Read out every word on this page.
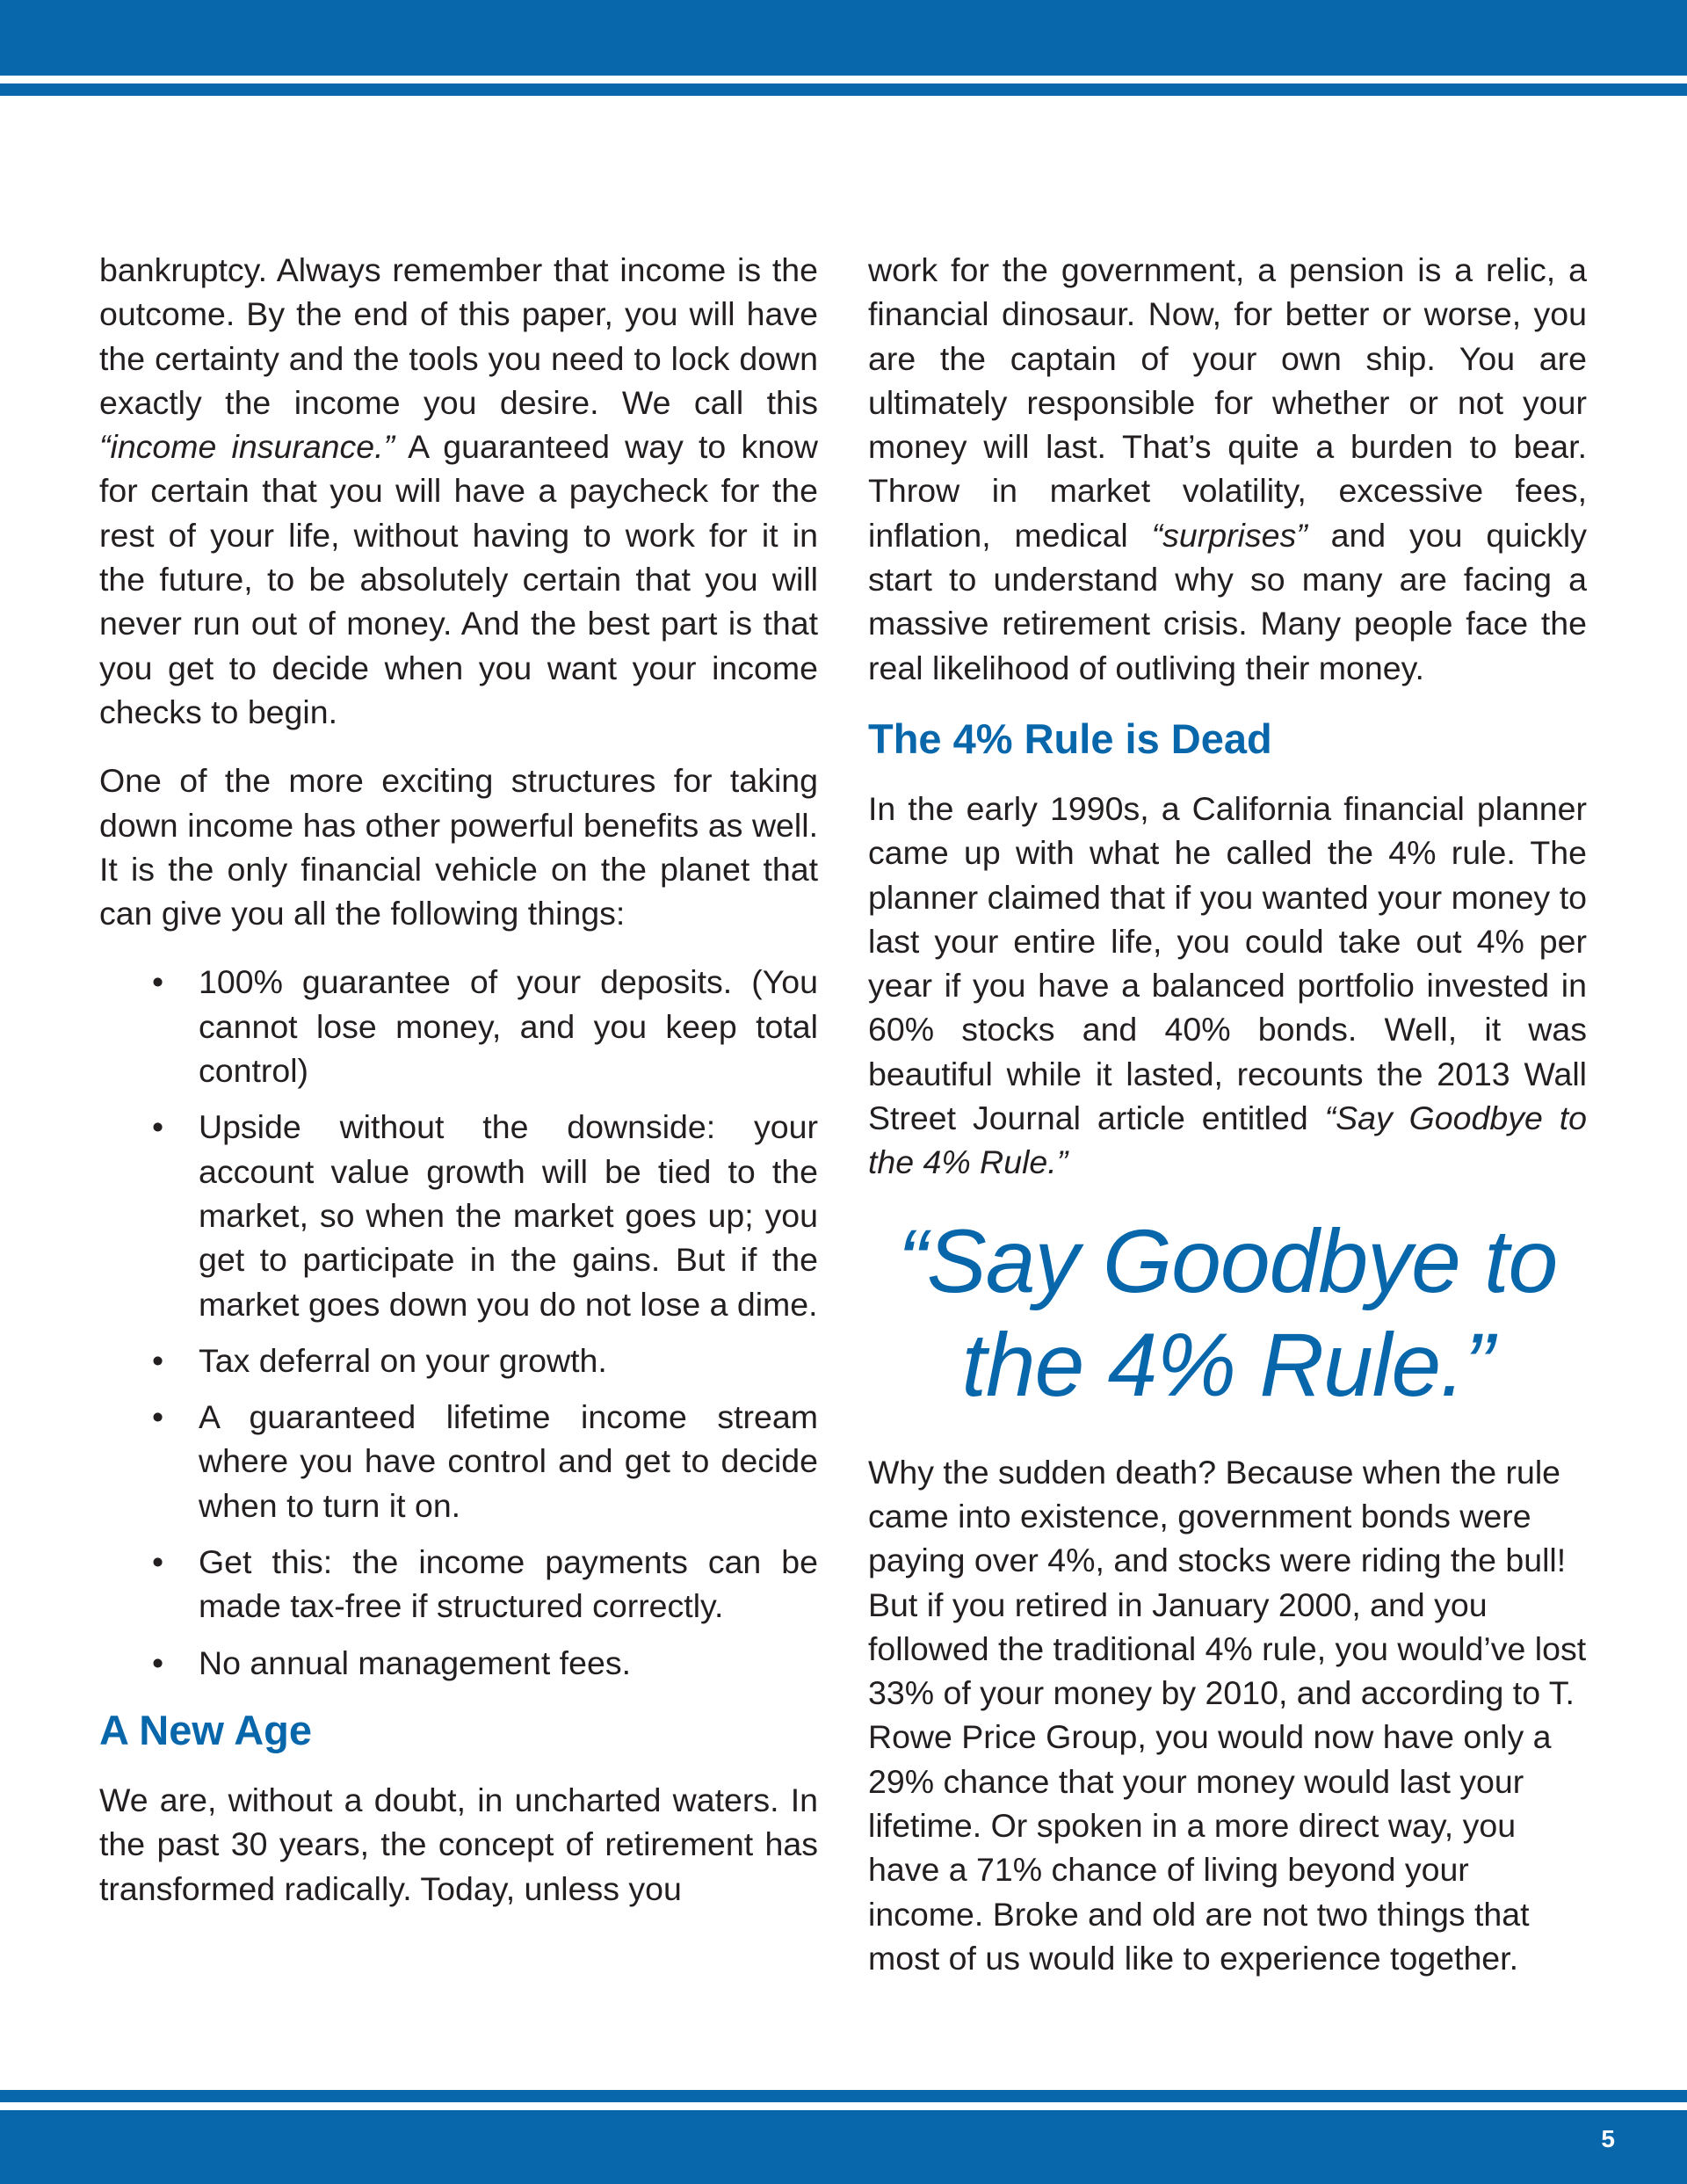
bankruptcy. Always remember that income is the outcome. By the end of this paper, you will have the certainty and the tools you need to lock down exactly the income you desire. We call this “income insurance.” A guaranteed way to know for certain that you will have a paycheck for the rest of your life, without having to work for it in the future, to be absolutely certain that you will never run out of money. And the best part is that you get to decide when you want your income checks to begin.

One of the more exciting structures for taking down income has other powerful benefits as well. It is the only financial vehicle on the planet that can give you all the following things:

• 100% guarantee of your deposits. (You cannot lose money, and you keep total control)
• Upside without the downside: your account value growth will be tied to the market, so when the market goes up; you get to participate in the gains. But if the market goes down you do not lose a dime.
• Tax deferral on your growth.
• A guaranteed lifetime income stream where you have control and get to decide when to turn it on.
• Get this: the income payments can be made tax-free if structured correctly.
• No annual management fees.
A New Age

We are, without a doubt, in uncharted waters. In the past 30 years, the concept of retirement has transformed radically. Today, unless you

work for the government, a pension is a relic, a financial dinosaur. Now, for better or worse, you are the captain of your own ship. You are ultimately responsible for whether or not your money will last. That’s quite a burden to bear. Throw in market volatility, excessive fees, inflation, medical “surprises” and you quickly start to understand why so many are facing a massive retirement crisis. Many people face the real likelihood of outliving their money.

The 4% Rule is Dead

In the early 1990s, a California financial planner came up with what he called the 4% rule. The planner claimed that if you wanted your money to last your entire life, you could take out 4% per year if you have a balanced portfolio invested in 60% stocks and 40% bonds. Well, it was beautiful while it lasted, recounts the 2013 Wall Street Journal article entitled “Say Goodbye to the 4% Rule.”

“Say Goodbye to
the 4% Rule.”

Why the sudden death? Because when the rule came into existence, government bonds were paying over 4%, and stocks were riding the bull! But if you retired in January 2000, and you followed the traditional 4% rule, you would’ve lost 33% of your money by 2010, and according to T. Rowe Price Group, you would now have only a 29% chance that your money would last your lifetime. Or spoken in a more direct way, you have a 71% chance of living beyond your income. Broke and old are not two things that most of us would like to experience together.

5
